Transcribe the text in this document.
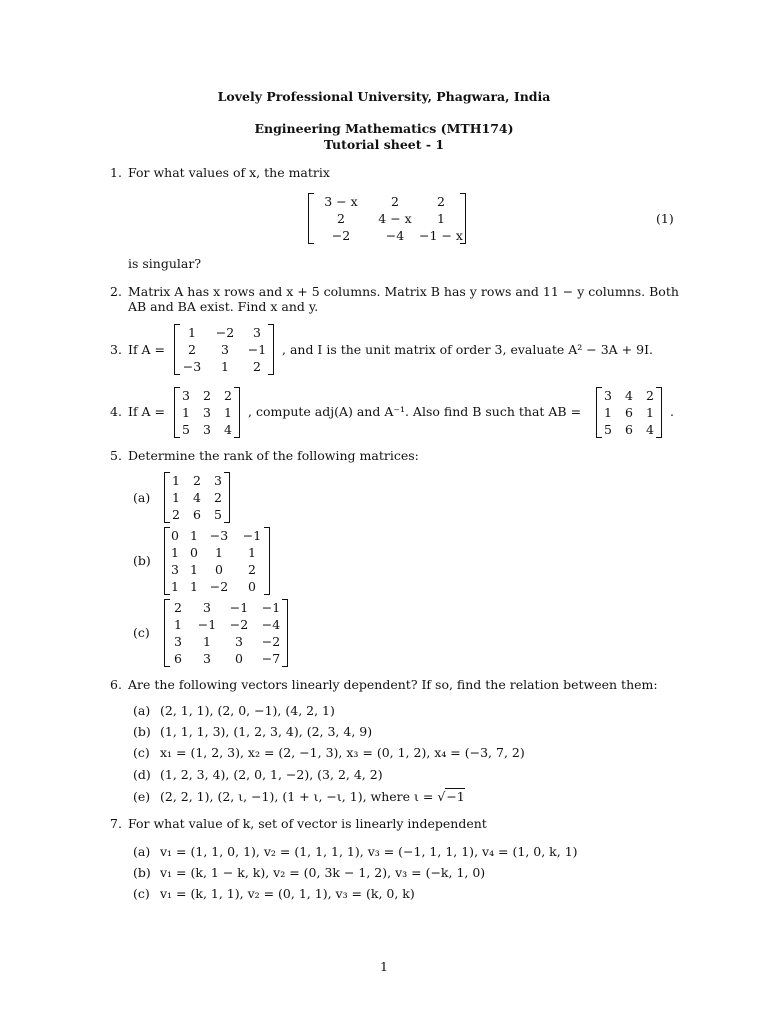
Lovely Professional University, Phagwara, India
Engineering Mathematics (MTH174)
Tutorial sheet - 1
1. For what values of x, the matrix
3 − x	2	2
2	4 − x	1
−2	−4	−1 − x
(1)
is singular?
2. Matrix A has x rows and x + 5 columns. Matrix B has y rows and 11 − y columns. Both
AB and BA exist. Find x and y.
3. If A =
1	−2	3
2	3	−1
−3	1	2
, and I is the unit matrix of order 3, evaluate A² − 3A + 9I.
4. If A =
3	2	2
1	3	1
5	3	4
, compute adj(A) and A⁻¹. Also find B such that AB =
3	4	2
1	6	1
5	6	4
.
5. Determine the rank of the following matrices:
(a)
1	2	3
1	4	2
2	6	5
(b)
0	1	−3	−1
1	0	1	1
3	1	0	2
1	1	−2	0
(c)
2	3	−1	−1
1	−1	−2	−4
3	1	3	−2
6	3	0	−7
6. Are the following vectors linearly dependent? If so, find the relation between them:
(a) (2, 1, 1), (2, 0, −1), (4, 2, 1)
(b) (1, 1, 1, 3), (1, 2, 3, 4), (2, 3, 4, 9)
(c) x₁ = (1, 2, 3), x₂ = (2, −1, 3), x₃ = (0, 1, 2), x₄ = (−3, 7, 2)
(d) (1, 2, 3, 4), (2, 0, 1, −2), (3, 2, 4, 2)
(e) (2, 2, 1), (2, ι, −1), (1 + ι, −ι, 1), where ι = √−1
7. For what value of k, set of vector is linearly independent
(a) v₁ = (1, 1, 0, 1), v₂ = (1, 1, 1, 1), v₃ = (−1, 1, 1, 1), v₄ = (1, 0, k, 1)
(b) v₁ = (k, 1 − k, k), v₂ = (0, 3k − 1, 2), v₃ = (−k, 1, 0)
(c) v₁ = (k, 1, 1), v₂ = (0, 1, 1), v₃ = (k, 0, k)
1
